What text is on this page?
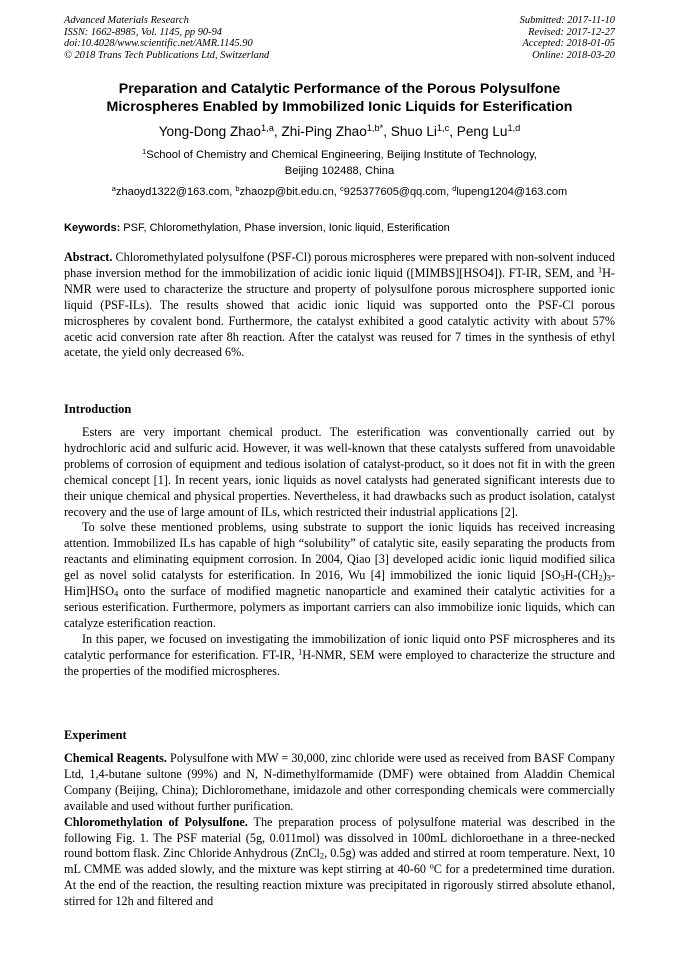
Advanced Materials Research
ISSN: 1662-8985, Vol. 1145, pp 90-94
doi:10.4028/www.scientific.net/AMR.1145.90
© 2018 Trans Tech Publications Ltd, Switzerland
Submitted: 2017-11-10
Revised: 2017-12-27
Accepted: 2018-01-05
Online: 2018-03-20
Preparation and Catalytic Performance of the Porous Polysulfone
Microspheres Enabled by Immobilized Ionic Liquids for Esterification
Yong-Dong Zhao$^{1,a}$, Zhi-Ping Zhao$^{1,b*}$, Shuo Li$^{1,c}$, Peng Lu$^{1,d}$
$^1$School of Chemistry and Chemical Engineering, Beijing Institute of Technology,
Beijing 102488, China
$^a$zhaoyd1322@163.com, $^b$zhaozp@bit.edu.cn, $^c$925377605@qq.com, $^d$lupeng1204@163.com
Keywords: PSF, Chloromethylation, Phase inversion, Ionic liquid, Esterification

Abstract. Chloromethylated polysulfone (PSF-Cl) porous microspheres were prepared with non-solvent induced phase inversion method for the immobilization of acidic ionic liquid ([MIMBS][HSO4]). FT-IR, SEM, and $^1$H-NMR were used to characterize the structure and property of polysulfone porous microsphere supported ionic liquid (PSF-ILs). The results showed that acidic ionic liquid was supported onto the PSF-Cl porous microspheres by covalent bond. Furthermore, the catalyst exhibited a good catalytic activity with about 57% acetic acid conversion rate after 8h reaction. After the catalyst was reused for 7 times in the synthesis of ethyl acetate, the yield only decreased 6%.

Introduction

Esters are very important chemical product. The esterification was conventionally carried out by hydrochloric acid and sulfuric acid. However, it was well-known that these catalysts suffered from unavoidable problems of corrosion of equipment and tedious isolation of catalyst-product, so it does not fit in with the green chemical concept [1]. In recent years, ionic liquids as novel catalysts had generated significant interests due to their unique chemical and physical properties. Nevertheless, it had drawbacks such as product isolation, catalyst recovery and the use of large amount of ILs, which restricted their industrial applications [2].

To solve these mentioned problems, using substrate to support the ionic liquids has received increasing attention. Immobilized ILs has capable of high “solubility” of catalytic site, easily separating the products from reactants and eliminating equipment corrosion. In 2004, Qiao [3] developed acidic ionic liquid modified silica gel as novel solid catalysts for esterification. In 2016, Wu [4] immobilized the ionic liquid $[SO_3H-(CH_2)_3-Him]HSO_4$ onto the surface of modified magnetic nanoparticle and examined their catalytic activities for a serious esterification. Furthermore, polymers as important carriers can also immobilize ionic liquids, which can catalyze esterification reaction.

In this paper, we focused on investigating the immobilization of ionic liquid onto PSF microspheres and its catalytic performance for esterification. FT-IR, $^1$H-NMR, SEM were employed to characterize the structure and the properties of the modified microspheres.

Experiment

Chemical Reagents. Polysulfone with MW = 30,000, zinc chloride were used as received from BASF Company Ltd, 1,4-butane sultone (99%) and N, N-dimethylformamide (DMF) were obtained from Aladdin Chemical Company (Beijing, China); Dichloromethane, imidazole and other corresponding chemicals were commercially available and used without further purification.

Chloromethylation of Polysulfone. The preparation process of polysulfone material was described in the following Fig. 1. The PSF material (5g, 0.011mol) was dissolved in 100mL dichloroethane in a three-necked round bottom flask. Zinc Chloride Anhydrous (ZnCl$_2$, 0.5g) was added and stirred at room temperature. Next, 10 mL CMME was added slowly, and the mixture was kept stirring at 40-60 $^o$C for a predetermined time duration. At the end of the reaction, the resulting reaction mixture was precipitated in rigorously stirred absolute ethanol, stirred for 12h and filtered and
